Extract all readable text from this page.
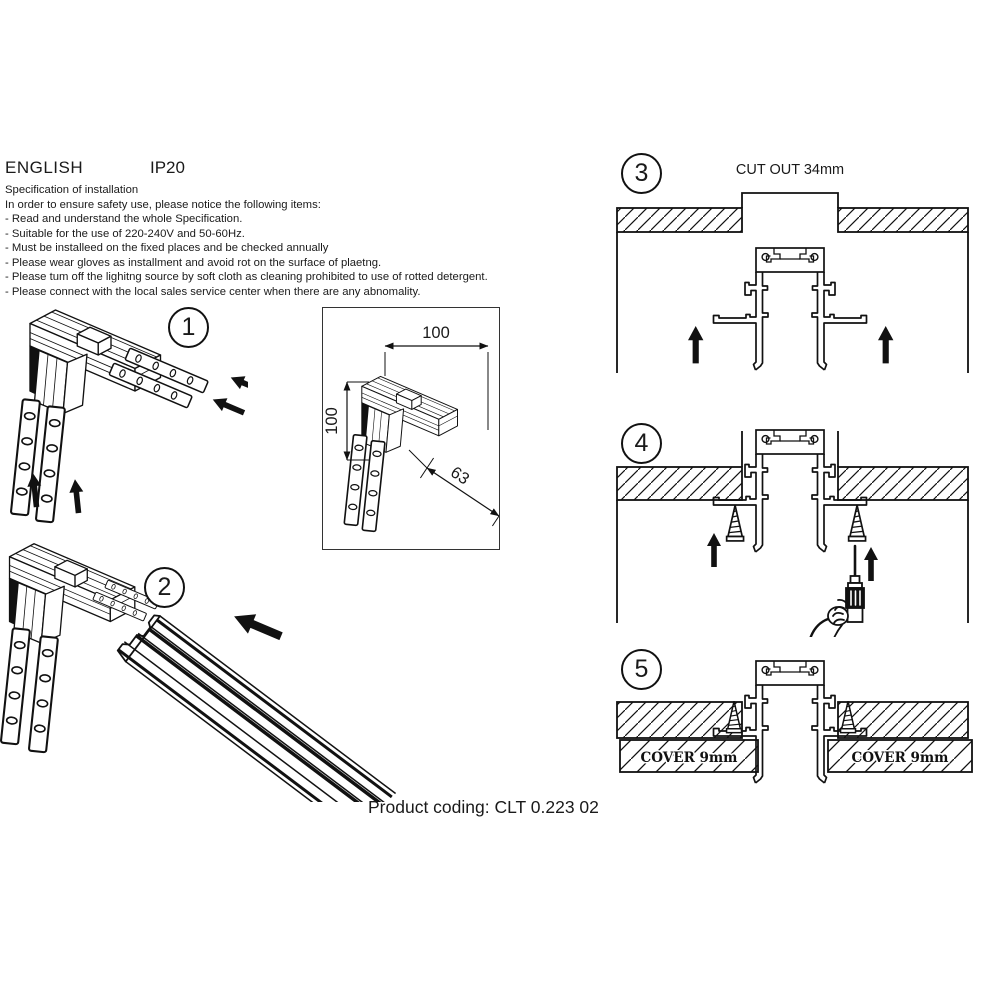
ENGLISH	IP20
Specification of installation
In order to ensure safety use, please notice the following items:
- Read and understand the whole Specification.
- Suitable for the use of 220-240V and 50-60Hz.
- Must be installeed on the fixed places and be checked annually
- Please wear gloves as installment and avoid rot on the surface of plaetng.
- Please tum off the lighitng source by soft cloth as cleaning prohibited to use of rotted detergent.
- Please connect with the local sales service center when there are any abnomality.
1
2
3
4
5
100
100
63
CUT OUT 34mm
COVER 9mm	COVER 9mm
Product coding: CLT 0.223 02
